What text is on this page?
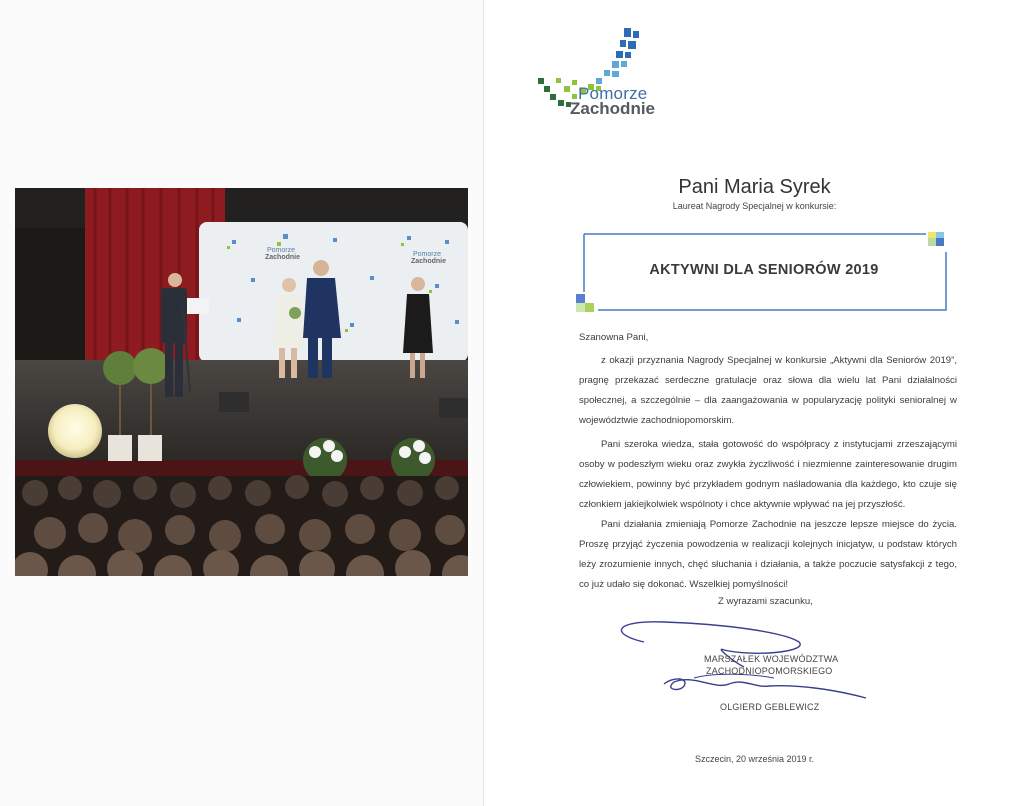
Pomorze
Zachodnie	Pomorze
Zachodnie
Pomorze
Zachodnie
Pani Maria Syrek
Laureat Nagrody Specjalnej w konkursie:
AKTYWNI DLA SENIORÓW 2019
Szanowna Pani,
z okazji przyznania Nagrody Specjalnej w konkursie „Aktywni dla Seniorów 2019”, pragnę przekazać serdeczne gratulacje oraz słowa dla wielu lat Pani działalności społecznej, a szczególnie – dla zaangażowania w popularyzację polityki senioralnej w województwie zachodniopomorskim.
Pani szeroka wiedza, stała gotowość do współpracy z instytucjami zrzeszającymi osoby w podeszłym wieku oraz zwykła życzliwość i niezmienne zainteresowanie drugim człowiekiem, powinny być przykładem godnym naśladowania dla każdego, kto czuje się członkiem jakiejkolwiek wspólnoty i chce aktywnie wpływać na jej przyszłość.
Pani działania zmieniają Pomorze Zachodnie na jeszcze lepsze miejsce do życia. Proszę przyjąć życzenia powodzenia w realizacji kolejnych inicjatyw, u podstaw których leży zrozumienie innych, chęć słuchania i działania, a także poczucie satysfakcji z tego, co już udało się dokonać. Wszelkiej pomyślności!
Z wyrazami szacunku,
MARSZAŁEK WOJEWÓDZTWA
ZACHODNIOPOMORSKIEGO
OLGIERD GEBLEWICZ
Szczecin, 20 września 2019 r.
